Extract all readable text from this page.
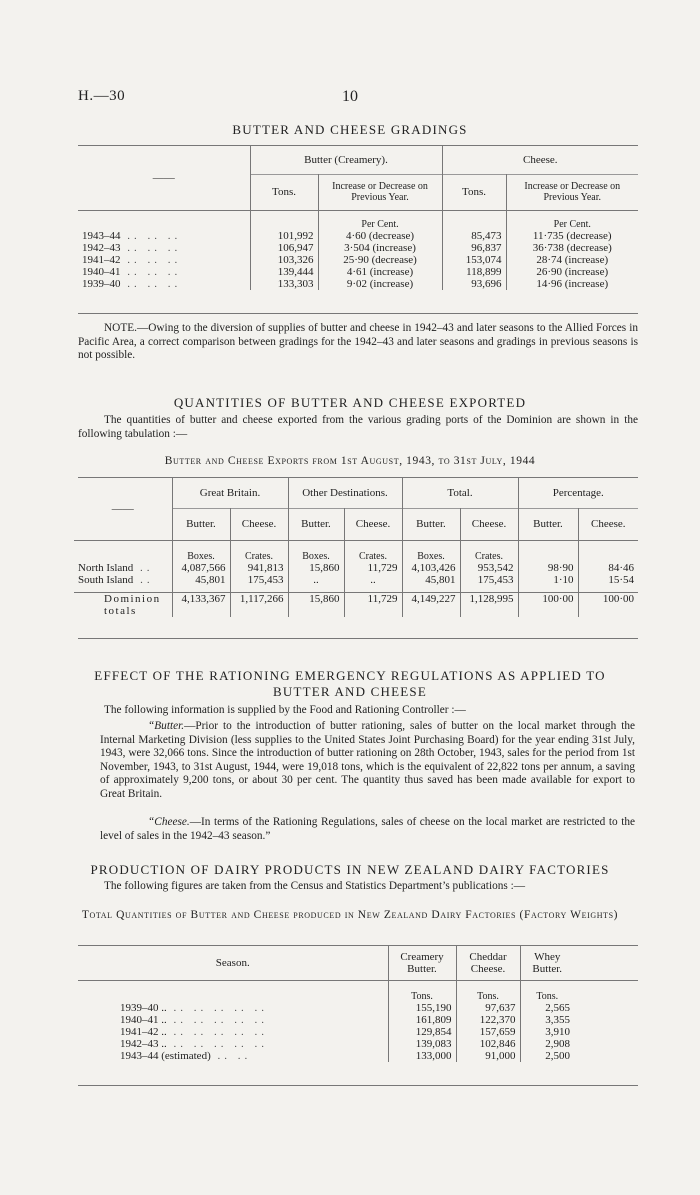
H.—30	10
BUTTER AND CHEESE GRADINGS
——	Butter (Creamery).		Cheese.	
	Tons.	Increase or Decrease on Previous Year.	Tons.	Increase or Decrease on Previous Year.
		Per Cent.		Per Cent.
1943–44 .. .. ..	101,992	4·60 (decrease)	85,473	11·735 (decrease)
1942–43 .. .. ..	106,947	3·504 (increase)	96,837	36·738 (decrease)
1941–42 .. .. ..	103,326	25·90 (decrease)	153,074	28·74 (increase)
1940–41 .. .. ..	139,444	4·61 (increase)	118,899	26·90 (increase)
1939–40 .. .. ..	133,303	9·02 (increase)	93,696	14·96 (increase)

NOTE.—Owing to the diversion of supplies of butter and cheese in 1942–43 and later seasons to the Allied Forces in Pacific Area, a correct comparison between gradings for the 1942–43 and later seasons and gradings in previous seasons is not possible.

QUANTITIES OF BUTTER AND CHEESE EXPORTED

The quantities of butter and cheese exported from the various grading ports of the Dominion are shown in the following tabulation :—

Butter and Cheese Exports from 1st August, 1943, to 31st July, 1944
——	Great Britain.		Other Destinations.		Total.		Percentage.	
	Butter.	Cheese.	Butter.	Cheese.	Butter.	Cheese.	Butter.	Cheese.
	Boxes.	Crates.	Boxes.	Crates.	Boxes.	Crates.		
North Island ..	4,087,566	941,813	15,860	11,729	4,103,426	953,542	98·90	84·46
South Island ..	45,801	175,453	..	..	45,801	175,453	1·10	15·54

Dominion totals	4,133,367	1,117,266	15,860	11,729	4,149,227	1,128,995	100·00	100·00
EFFECT OF THE RATIONING EMERGENCY REGULATIONS AS APPLIED TO BUTTER AND CHEESE

The following information is supplied by the Food and Rationing Controller :—

“Butter.—Prior to the introduction of butter rationing, sales of butter on the local market through the Internal Marketing Division (less supplies to the United States Joint Purchasing Board) for the year ending 31st July, 1943, were 32,066 tons. Since the introduction of butter rationing on 28th October, 1943, sales for the period from 1st November, 1943, to 31st August, 1944, were 19,018 tons, which is the equivalent of 22,822 tons per annum, a saving of approximately 9,200 tons, or about 30 per cent. The quantity thus saved has been made available for export to Great Britain.

“Cheese.—In terms of the Rationing Regulations, sales of cheese on the local market are restricted to the level of sales in the 1942–43 season.”

PRODUCTION OF DAIRY PRODUCTS IN NEW ZEALAND DAIRY FACTORIES

The following figures are taken from the Census and Statistics Department’s publications :—

Total Quantities of Butter and Cheese produced in New Zealand Dairy Factories (Factory Weights)
Season.	Creamery Butter.	Cheddar Cheese.	Whey Butter.	
	Tons.	Tons.	Tons.	
1939–40 .. .. .. .. .. ..	155,190	97,637	2,565	
1940–41 .. .. .. .. .. ..	161,809	122,370	3,355	
1941–42 .. .. .. .. .. ..	129,854	157,659	3,910	
1942–43 .. .. .. .. .. ..	139,083	102,846	2,908	
1943–44 (estimated) .. ..	133,000	91,000	2,500	
